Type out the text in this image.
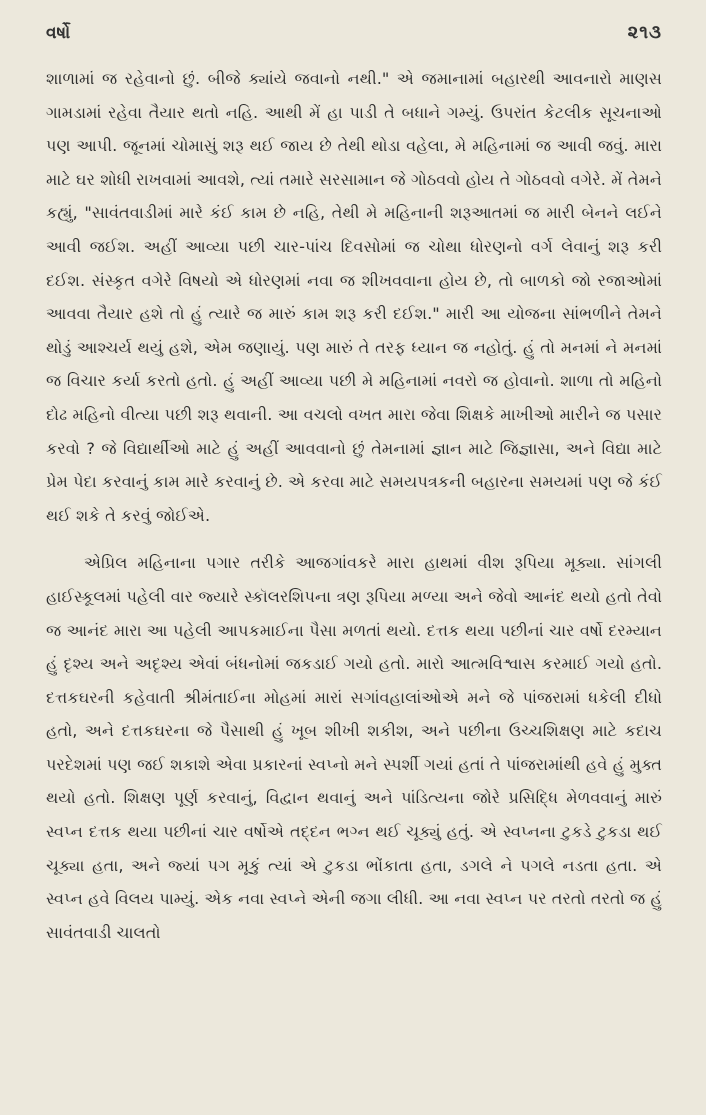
વર્ષો	૨૧૩

શાળામાં જ રહેવાનો છું. બીજે ક્યાંયે જવાનો નથી." એ જમાનામાં બહારથી આવનારો માણસ ગામડામાં રહેવા તૈયાર થતો નહિ. આથી મેં હા પાડી તે બધાને ગમ્યું. ઉપરાંત કેટલીક સૂચનાઓ પણ આપી. જૂનમાં ચોમાસું શરૂ થઈ જાય છે તેથી થોડા વહેલા, મે મહિનામાં જ આવી જવું. મારા માટે ઘર શોધી રાખવામાં આવશે, ત્યાં તમારે સરસામાન જે ગોઠવવો હોય તે ગોઠવવો વગેરે. મેં તેમને કહ્યું, "સાવંતવાડીમાં મારે કંઈ કામ છે નહિ, તેથી મે મહિનાની શરૂઆતમાં જ મારી બેનને લઈને આવી જઈશ. અહીં આવ્યા પછી ચાર-પાંચ દિવસોમાં જ ચોથા ધોરણનો વર્ગ લેવાનું શરૂ કરી દઈશ. સંસ્કૃત વગેરે વિષયો એ ધોરણમાં નવા જ શીખવવાના હોય છે, તો બાળકો જો રજાઓમાં આવવા તૈયાર હશે તો હું ત્યારે જ મારું કામ શરૂ કરી દઈશ." મારી આ યોજના સાંભળીને તેમને થોડું આશ્ચર્ય થયું હશે, એમ જણાયું. પણ મારું તે તરફ ધ્યાન જ નહોતું. હું તો મનમાં ને મનમાં જ વિચાર કર્યા કરતો હતો. હું અહીં આવ્યા પછી મે મહિનામાં નવરો જ હોવાનો. શાળા તો મહિનો દોઢ મહિનો વીત્યા પછી શરૂ થવાની. આ વચલો વખત મારા જેવા શિક્ષકે માખીઓ મારીને જ પસાર કરવો ? જે વિદ્યાર્થીઓ માટે હું અહીં આવવાનો છું તેમનામાં જ્ઞાન માટે જિજ્ઞાસા, અને વિદ્યા માટે પ્રેમ પેદા કરવાનું કામ મારે કરવાનું છે. એ કરવા માટે સમયપત્રકની બહારના સમયમાં પણ જે કંઈ થઈ શકે તે કરવું જોઈએ.

એપ્રિલ મહિનાના પગાર તરીકે આજગાંવકરે મારા હાથમાં વીશ રૂપિયા મૂક્યા. સાંગલી હાઈસ્કૂલમાં પહેલી વાર જ્યારે સ્કૉલરશિપના ત્રણ રૂપિયા મળ્યા અને જેવો આનંદ થયો હતો તેવો જ આનંદ મારા આ પહેલી આપકમાઈના પૈસા મળતાં થયો. દત્તક થયા પછીનાં ચાર વર્ષો દરમ્યાન હું દૃશ્ય અને અદૃશ્ય એવાં બંધનોમાં જકડાઈ ગયો હતો. મારો આત્મવિશ્વાસ કરમાઈ ગયો હતો. દત્તકઘરની કહેવાતી શ્રીમંતાઈના મોહમાં મારાં સગાંવહાલાંઓએ મને જે પાંજરામાં ધકેલી દીધો હતો, અને દત્તકઘરના જે પૈસાથી હું ખૂબ શીખી શકીશ, અને પછીના ઉચ્ચશિક્ષણ માટે કદાચ પરદેશમાં પણ જઈ શકાશે એવા પ્રકારનાં સ્વપ્નો મને સ્પર્શી ગયાં હતાં તે પાંજરામાંથી હવે હું મુક્ત થયો હતો. શિક્ષણ પૂર્ણ કરવાનું, વિદ્વાન થવાનું અને પાંડિત્યના જોરે પ્રસિદ્ધિ મેળવવાનું મારું સ્વપ્ન દત્તક થયા પછીનાં ચાર વર્ષોએ તદ્દન ભગ્ન થઈ ચૂક્યું હતું. એ સ્વપ્નના ટુકડે ટુકડા થઈ ચૂક્યા હતા, અને જ્યાં પગ મૂકું ત્યાં એ ટુકડા ભોંકાતા હતા, ડગલે ને પગલે નડતા હતા. એ સ્વપ્ન હવે વિલય પામ્યું. એક નવા સ્વપ્ને એની જગા લીધી. આ નવા સ્વપ્ન પર તરતો તરતો જ હું સાવંતવાડી ચાલતો
